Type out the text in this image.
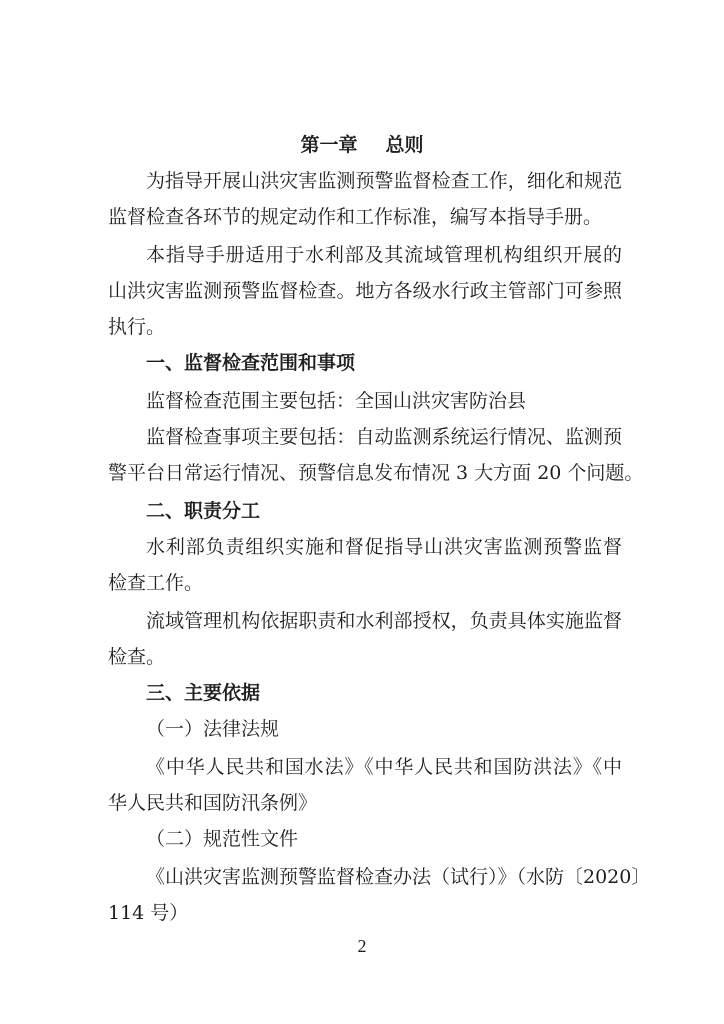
第一章 总则
为指导开展山洪灾害监测预警监督检查工作，细化和规范
监督检查各环节的规定动作和工作标准，编写本指导手册。
本指导手册适用于水利部及其流域管理机构组织开展的
山洪灾害监测预警监督检查。地方各级水行政主管部门可参照
执行。
一、监督检查范围和事项
监督检查范围主要包括：全国山洪灾害防治县
监督检查事项主要包括：自动监测系统运行情况、监测预
警平台日常运行情况、预警信息发布情况 3 大方面 20 个问题。
二、职责分工
水利部负责组织实施和督促指导山洪灾害监测预警监督
检查工作。
流域管理机构依据职责和水利部授权，负责具体实施监督
检查。
三、主要依据
（一）法律法规
《中华人民共和国水法》《中华人民共和国防洪法》《中
华人民共和国防汛条例》
（二）规范性文件
《山洪灾害监测预警监督检查办法（试行）》（水防〔2020〕
114 号）
2
